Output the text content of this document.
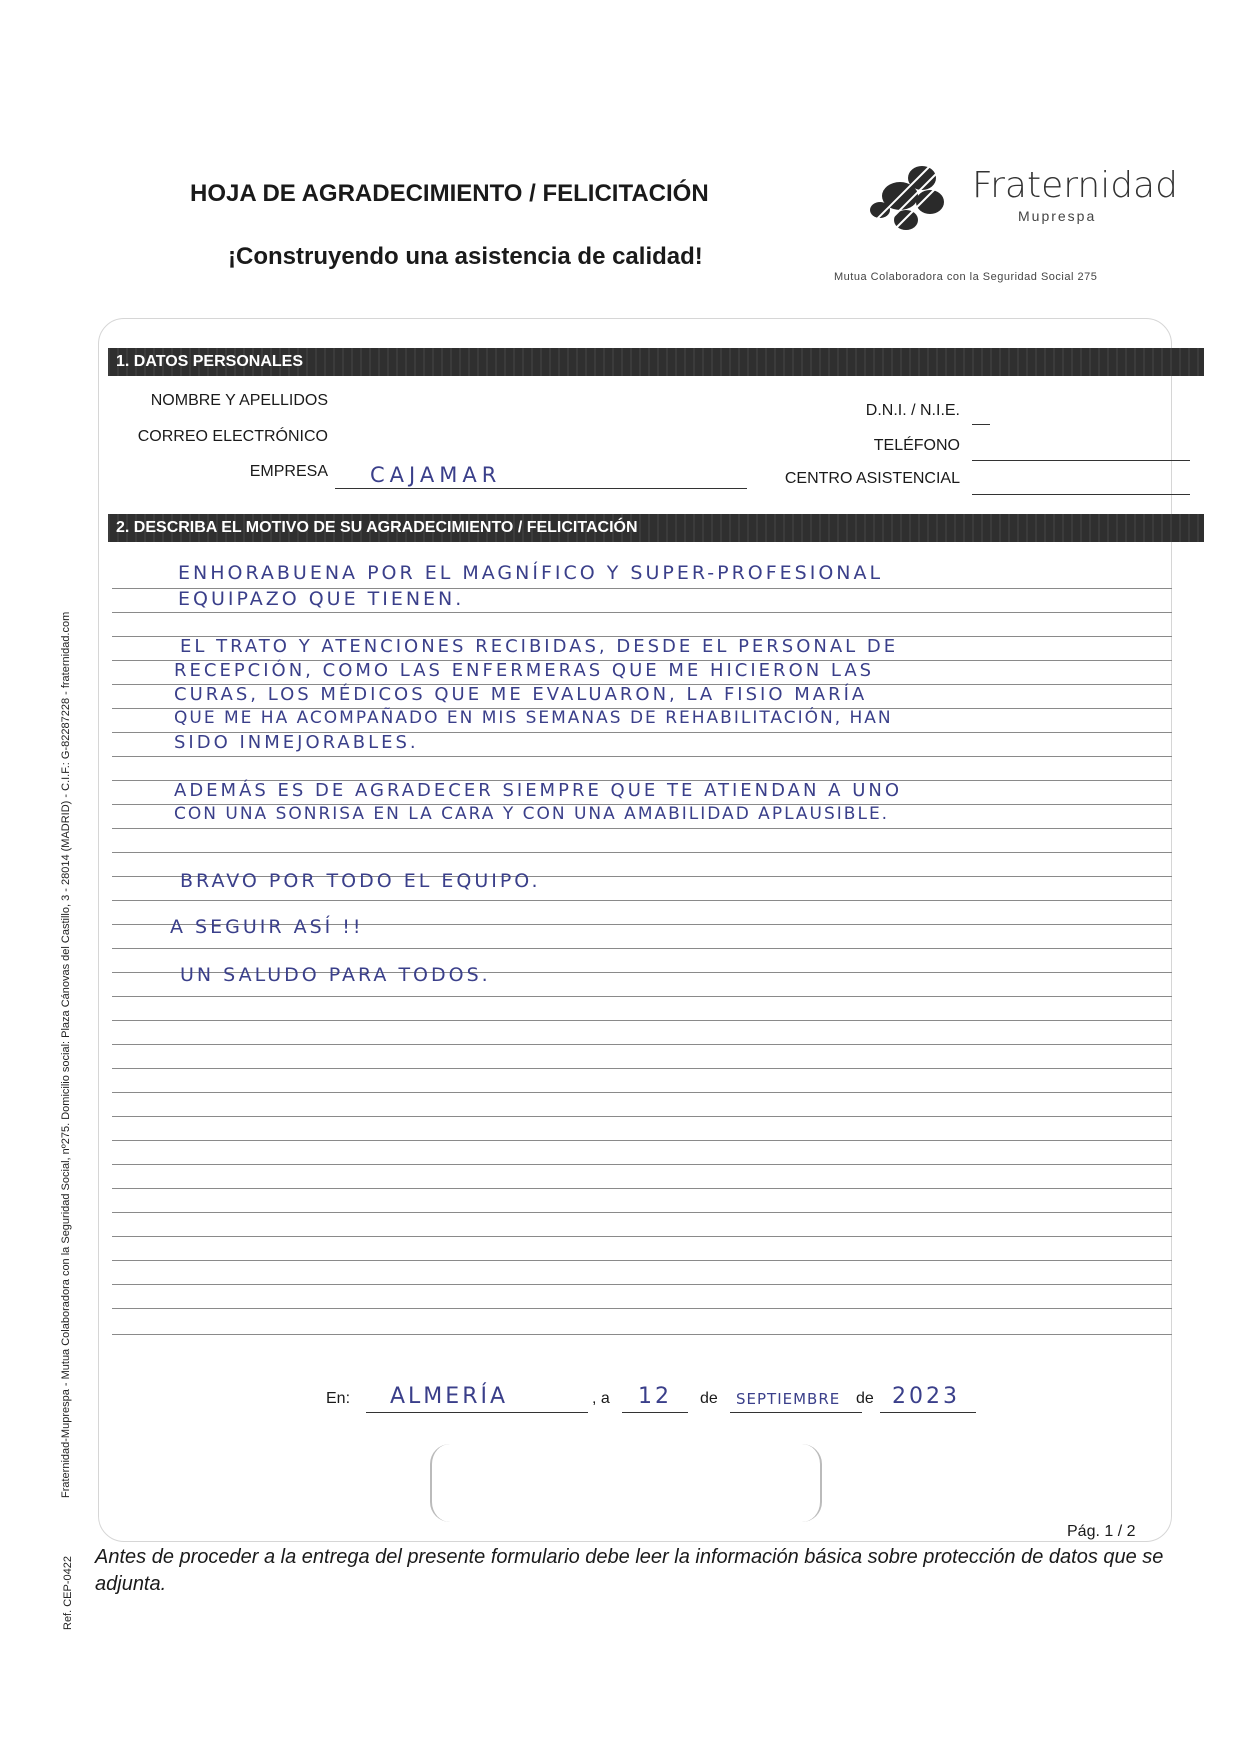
HOJA DE AGRADECIMIENTO / FELICITACIÓN
¡Construyendo una asistencia de calidad!
Fraternidad
Muprespa
Mutua Colaboradora con la Seguridad Social 275
1. DATOS PERSONALES
NOMBRE Y APELLIDOS
CORREO ELECTRÓNICO
EMPRESA CAJAMAR
D.N.I. / N.I.E.
TELÉFONO
CENTRO ASISTENCIAL
2. DESCRIBA EL MOTIVO DE SU AGRADECIMIENTO / FELICITACIÓN
ENHORABUENA POR EL MAGNÍFICO Y SUPER-PROFESIONAL
EQUIPAZO QUE TIENEN.
EL TRATO Y ATENCIONES RECIBIDAS, DESDE EL PERSONAL DE
RECEPCIÓN, COMO LAS ENFERMERAS QUE ME HICIERON LAS
CURAS, LOS MÉDICOS QUE ME EVALUARON, LA FISIO MARÍA
QUE ME HA ACOMPAÑADO EN MIS SEMANAS DE REHABILITACIÓN, HAN
SIDO INMEJORABLES.
ADEMÁS ES DE AGRADECER SIEMPRE QUE TE ATIENDAN A UNO
CON UNA SONRISA EN LA CARA Y CON UNA AMABILIDAD APLAUSIBLE.
BRAVO POR TODO EL EQUIPO.
A SEGUIR ASÍ !!
UN SALUDO PARA TODOS.
En: ALMERÍA	, a 12 de SEPTIEMBRE de 2023
Pág. 1 / 2
Antes de proceder a la entrega del presente formulario debe leer la información básica sobre protección de datos que se adjunta.
Fraternidad-Muprespa - Mutua Colaboradora con la Seguridad Social, nº275. Domicilio social: Plaza Cánovas del Castillo, 3 - 28014 (MADRID) - C.I.F.: G-82287228 - fraternidad.com
Ref. CEP-0422
